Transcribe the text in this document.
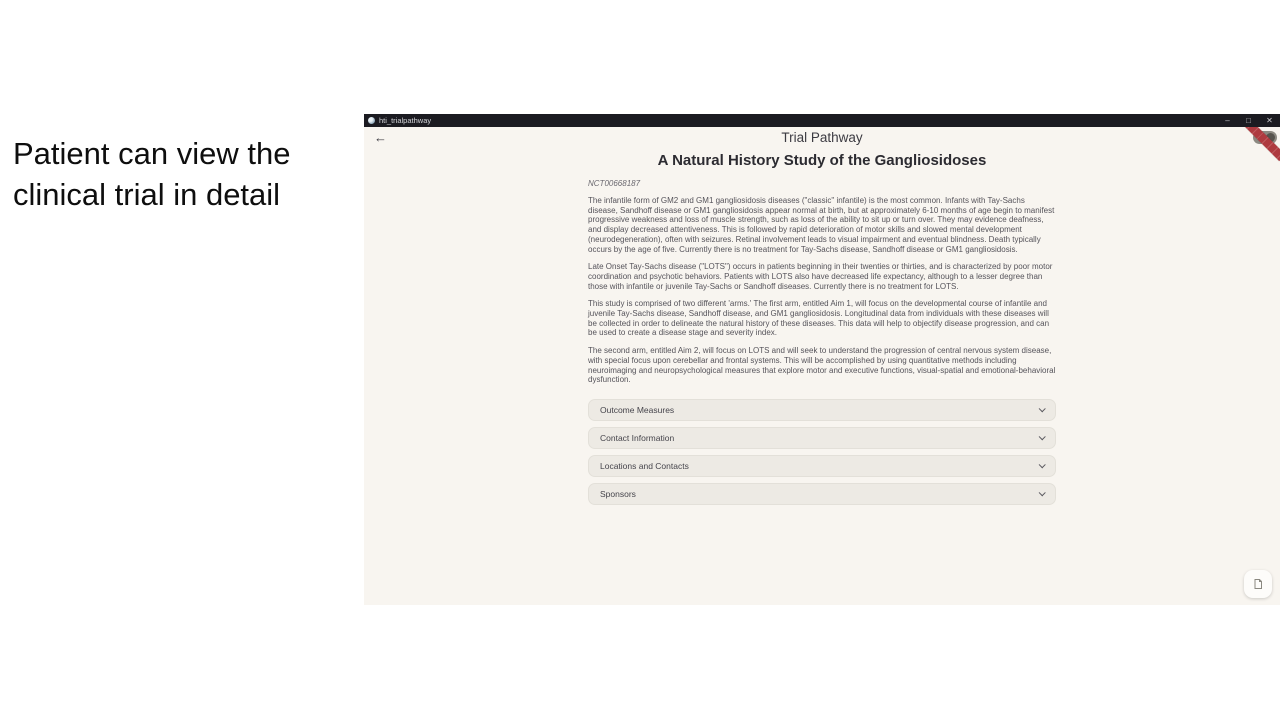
Patient can view the clinical trial in detail
hti_trialpathway	–	□	✕
←	Trial Pathway
A Natural History Study of the Gangliosidoses
NCT00668187

The infantile form of GM2 and GM1 gangliosidosis diseases ("classic" infantile) is the most common. Infants with Tay-Sachs disease, Sandhoff disease or GM1 gangliosidosis appear normal at birth, but at approximately 6-10 months of age begin to manifest progressive weakness and loss of muscle strength, such as loss of the ability to sit up or turn over. They may evidence deafness, and display decreased attentiveness. This is followed by rapid deterioration of motor skills and slowed mental development (neurodegeneration), often with seizures. Retinal involvement leads to visual impairment and eventual blindness. Death typically occurs by the age of five. Currently there is no treatment for Tay-Sachs disease, Sandhoff disease or GM1 gangliosidosis.

Late Onset Tay-Sachs disease ("LOTS") occurs in patients beginning in their twenties or thirties, and is characterized by poor motor coordination and psychotic behaviors. Patients with LOTS also have decreased life expectancy, although to a lesser degree than those with infantile or juvenile Tay-Sachs or Sandhoff diseases. Currently there is no treatment for LOTS.

This study is comprised of two different 'arms.' The first arm, entitled Aim 1, will focus on the developmental course of infantile and juvenile Tay-Sachs disease, Sandhoff disease, and GM1 gangliosidosis. Longitudinal data from individuals with these diseases will be collected in order to delineate the natural history of these diseases. This data will help to objectify disease progression, and can be used to create a disease stage and severity index.

The second arm, entitled Aim 2, will focus on LOTS and will seek to understand the progression of central nervous system disease, with special focus upon cerebellar and frontal systems. This will be accomplished by using quantitative methods including neuroimaging and neuropsychological measures that explore motor and executive functions, visual-spatial and emotional-behavioral dysfunction.

Outcome Measures
Contact Information
Locations and Contacts
Sponsors
